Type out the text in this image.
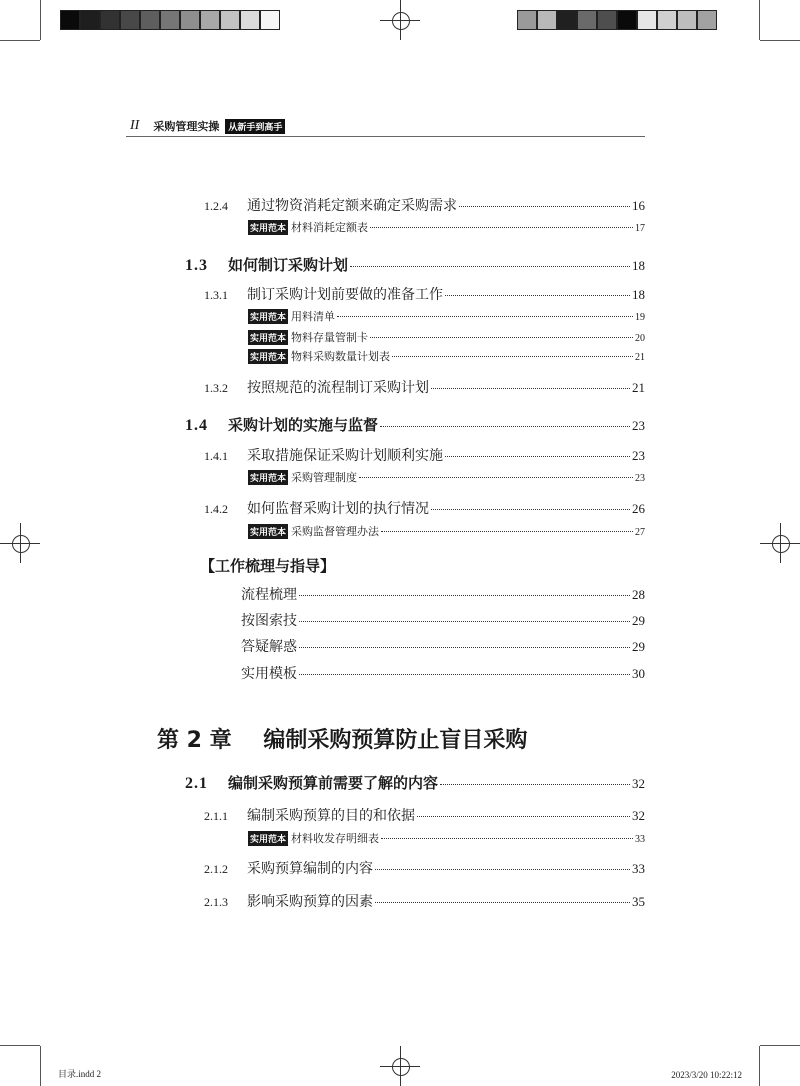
II 采购管理实操	从新手到高手
1.2.4	通过物资消耗定额来确定采购需求	16
实用范本 材料消耗定额表	17
1.3	如何制订采购计划	18
1.3.1	制订采购计划前要做的准备工作	18
实用范本 用料清单	19
实用范本 物料存量管制卡	20
实用范本 物料采购数量计划表	21
1.3.2	按照规范的流程制订采购计划	21
1.4	采购计划的实施与监督	23
1.4.1	采取措施保证采购计划顺利实施	23
实用范本 采购管理制度	23
1.4.2	如何监督采购计划的执行情况	26
实用范本 采购监督管理办法	27
【工作梳理与指导】
流程梳理	28
按图索技	29
答疑解惑	29
实用模板	30
第 2 章 编制采购预算防止盲目采购
2.1	编制采购预算前需要了解的内容	32
2.1.1	编制采购预算的目的和依据	32
实用范本 材料收发存明细表	33
2.1.2	采购预算编制的内容	33
2.1.3	影响采购预算的因素	35
目录.indd 2	2023/3/20 10:22:12
